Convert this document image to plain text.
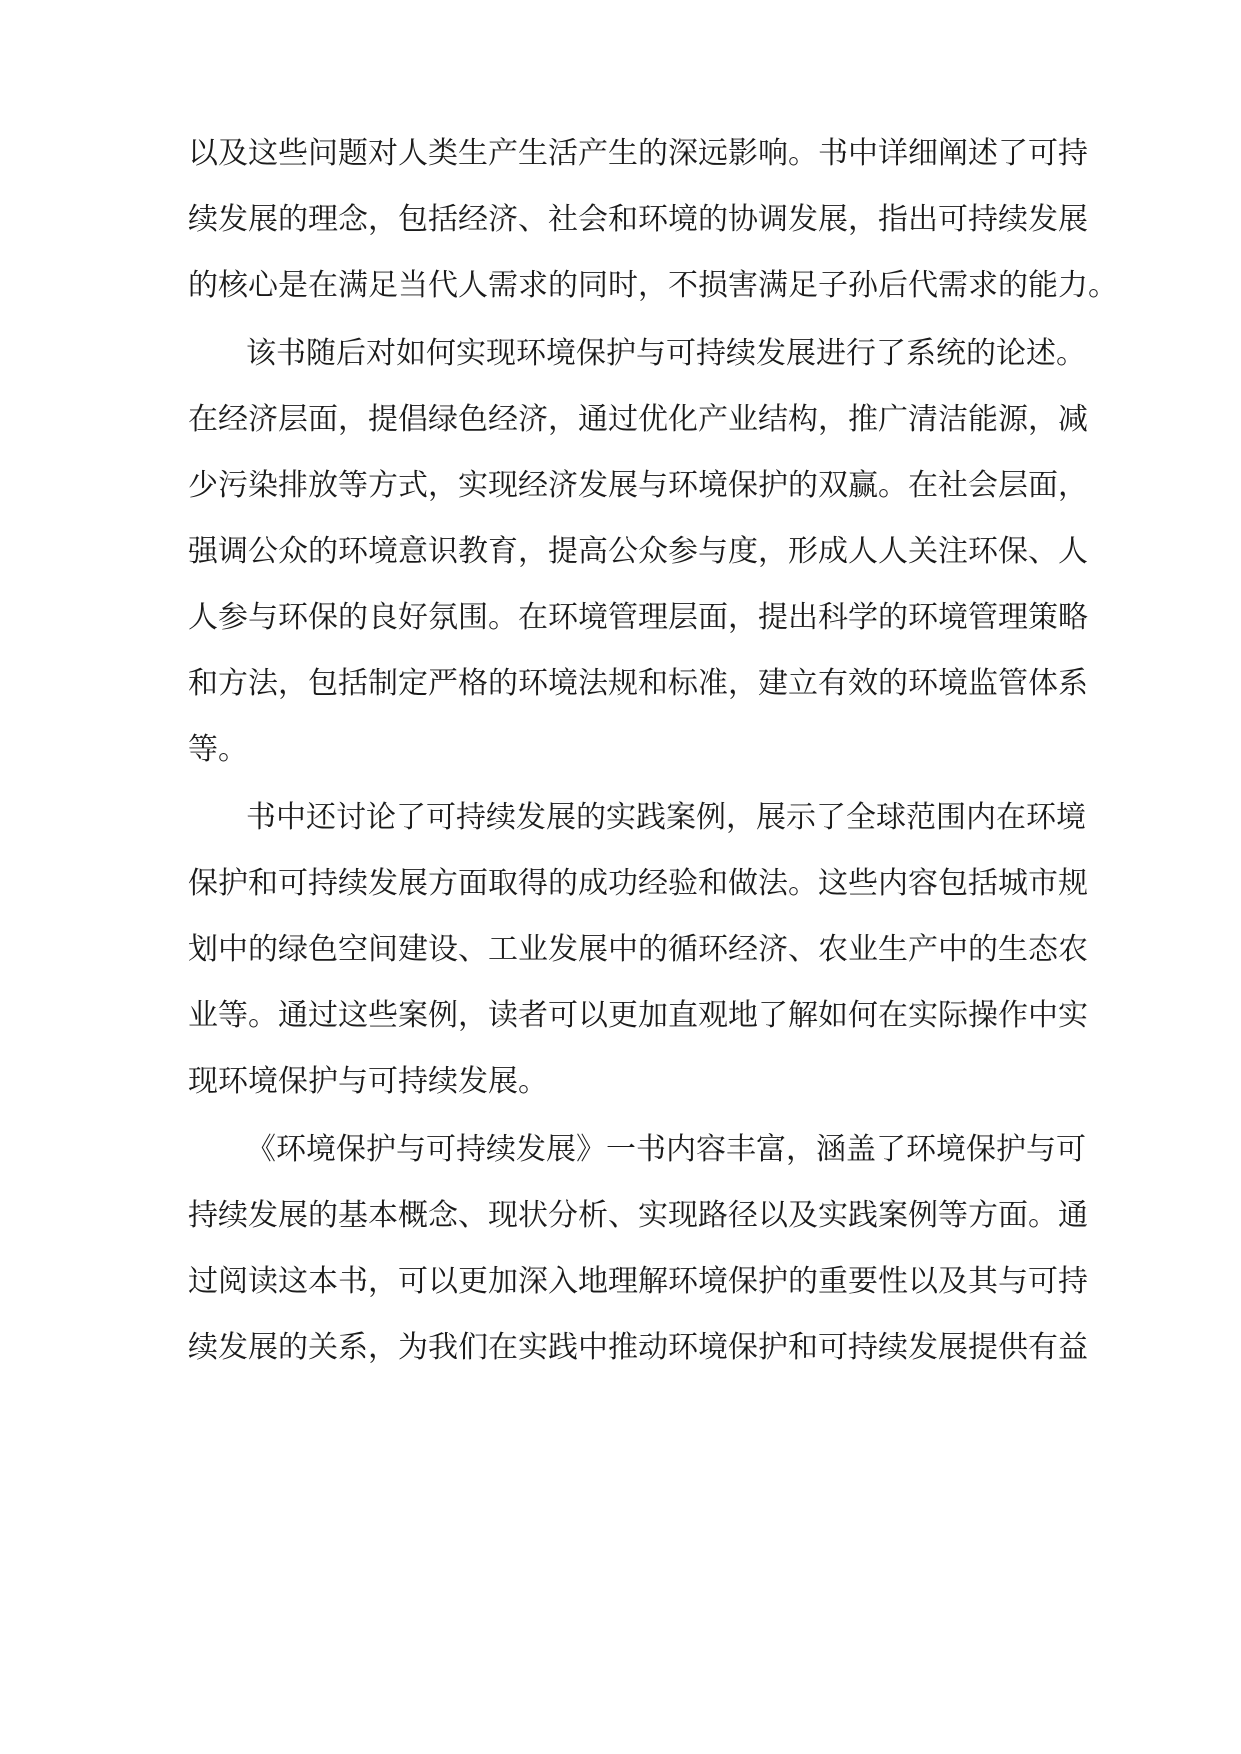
以及这些问题对人类生产生活产生的深远影响。书中详细阐述了可持
续发展的理念，包括经济、社会和环境的协调发展，指出可持续发展
的核心是在满足当代人需求的同时，不损害满足子孙后代需求的能力。
该书随后对如何实现环境保护与可持续发展进行了系统的论述。
在经济层面，提倡绿色经济，通过优化产业结构，推广清洁能源，减
少污染排放等方式，实现经济发展与环境保护的双赢。在社会层面，
强调公众的环境意识教育，提高公众参与度，形成人人关注环保、人
人参与环保的良好氛围。在环境管理层面，提出科学的环境管理策略
和方法，包括制定严格的环境法规和标准，建立有效的环境监管体系
等。
书中还讨论了可持续发展的实践案例，展示了全球范围内在环境
保护和可持续发展方面取得的成功经验和做法。这些内容包括城市规
划中的绿色空间建设、工业发展中的循环经济、农业生产中的生态农
业等。通过这些案例，读者可以更加直观地了解如何在实际操作中实
现环境保护与可持续发展。
《环境保护与可持续发展》一书内容丰富，涵盖了环境保护与可
持续发展的基本概念、现状分析、实现路径以及实践案例等方面。通
过阅读这本书，可以更加深入地理解环境保护的重要性以及其与可持
续发展的关系，为我们在实践中推动环境保护和可持续发展提供有益
